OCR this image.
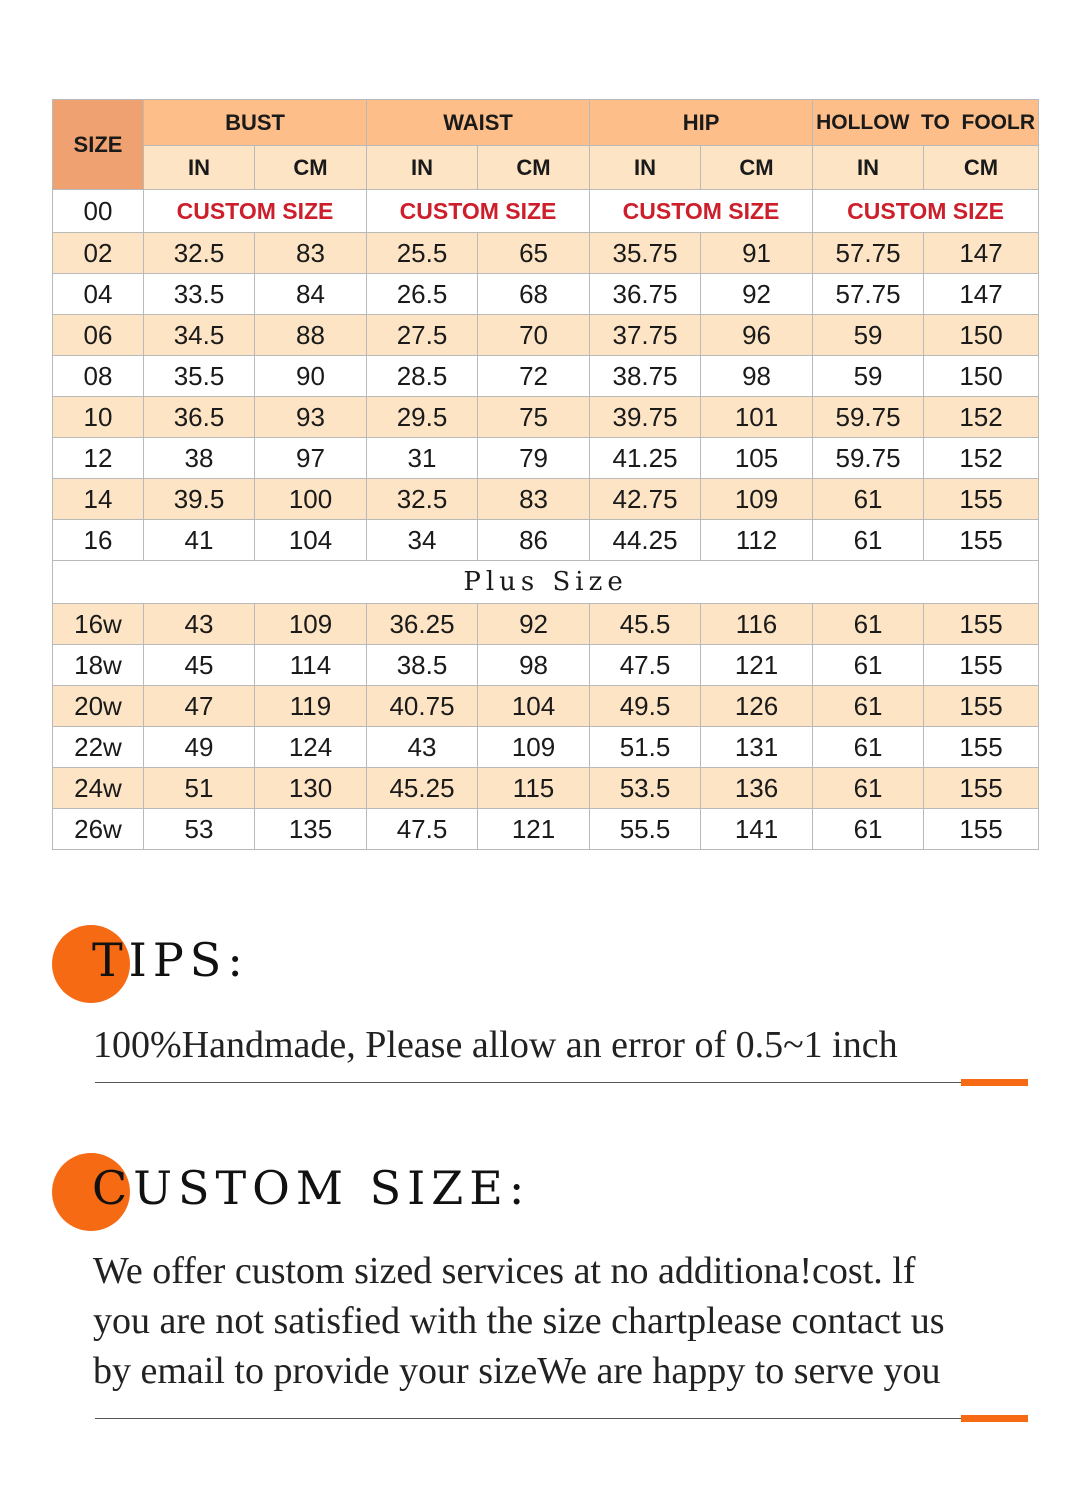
SIZE	BUST		WAIST		HIP		HOLLOW  TO  FOOLR	
	IN	CM	IN	CM	IN	CM	IN	CM
00	CUSTOM SIZE		CUSTOM SIZE		CUSTOM SIZE		CUSTOM SIZE	
02	32.5	83	25.5	65	35.75	91	57.75	147
04	33.5	84	26.5	68	36.75	92	57.75	147
06	34.5	88	27.5	70	37.75	96	59	150
08	35.5	90	28.5	72	38.75	98	59	150
10	36.5	93	29.5	75	39.75	101	59.75	152
12	38	97	31	79	41.25	105	59.75	152
14	39.5	100	32.5	83	42.75	109	61	155
16	41	104	34	86	44.25	112	61	155
Plus Size								
16w	43	109	36.25	92	45.5	116	61	155
18w	45	114	38.5	98	47.5	121	61	155
20w	47	119	40.75	104	49.5	126	61	155
22w	49	124	43	109	51.5	131	61	155
24w	51	130	45.25	115	53.5	136	61	155
26w	53	135	47.5	121	55.5	141	61	155
TIPS:
100%Handmade, Please allow an error of 0.5~1 inch
CUSTOM SIZE:
We offer custom sized services at no additiona!cost. lf
you are not satisfied with the size chartplease contact us
by email to provide your sizeWe are happy to serve you
